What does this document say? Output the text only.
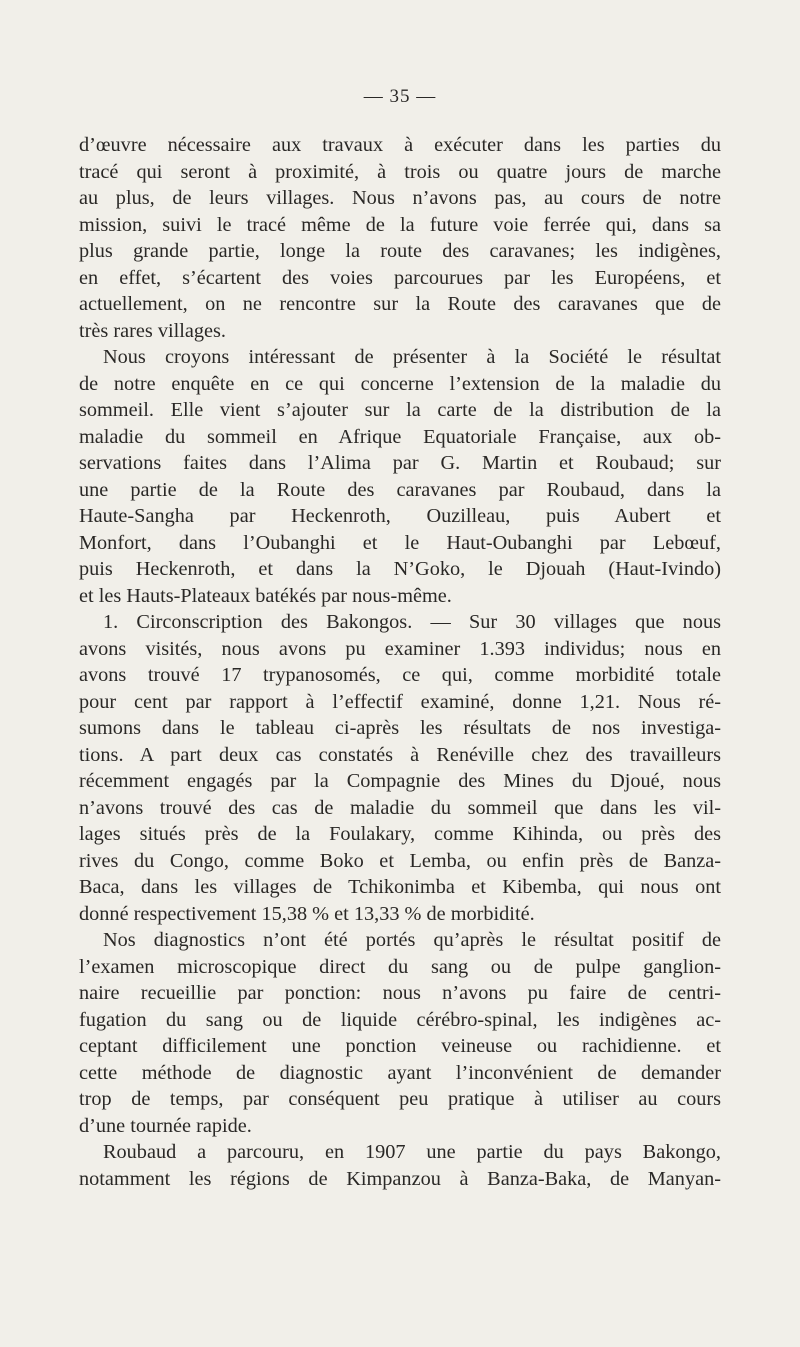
— 35 —
d’œuvre nécessaire aux travaux à exécuter dans les parties du
tracé qui seront à proximité, à trois ou quatre jours de marche
au plus, de leurs villages. Nous n’avons pas, au cours de notre
mission, suivi le tracé même de la future voie ferrée qui, dans sa
plus grande partie, longe la route des caravanes; les indigènes,
en effet, s’écartent des voies parcourues par les Européens, et
actuellement, on ne rencontre sur la Route des caravanes que de
très rares villages.
Nous croyons intéressant de présenter à la Société le résultat
de notre enquête en ce qui concerne l’extension de la maladie du
sommeil. Elle vient s’ajouter sur la carte de la distribution de la
maladie du sommeil en Afrique Equatoriale Française, aux ob-
servations faites dans l’Alima par G. Martin et Roubaud; sur
une partie de la Route des caravanes par Roubaud, dans la
Haute-Sangha par Heckenroth, Ouzilleau, puis Aubert et
Monfort, dans l’Oubanghi et le Haut-Oubanghi par Lebœuf,
puis Heckenroth, et dans la N’Goko, le Djouah (Haut-Ivindo)
et les Hauts-Plateaux batékés par nous-même.
1. Circonscription des Bakongos. — Sur 30 villages que nous
avons visités, nous avons pu examiner 1.393 individus; nous en
avons trouvé 17 trypanosomés, ce qui, comme morbidité totale
pour cent par rapport à l’effectif examiné, donne 1,21. Nous ré-
sumons dans le tableau ci-après les résultats de nos investiga-
tions. A part deux cas constatés à Renéville chez des travailleurs
récemment engagés par la Compagnie des Mines du Djoué, nous
n’avons trouvé des cas de maladie du sommeil que dans les vil-
lages situés près de la Foulakary, comme Kihinda, ou près des
rives du Congo, comme Boko et Lemba, ou enfin près de Banza-
Baca, dans les villages de Tchikonimba et Kibemba, qui nous ont
donné respectivement 15,38 % et 13,33 % de morbidité.
Nos diagnostics n’ont été portés qu’après le résultat positif de
l’examen microscopique direct du sang ou de pulpe ganglion-
naire recueillie par ponction: nous n’avons pu faire de centri-
fugation du sang ou de liquide cérébro-spinal, les indigènes ac-
ceptant difficilement une ponction veineuse ou rachidienne. et
cette méthode de diagnostic ayant l’inconvénient de demander
trop de temps, par conséquent peu pratique à utiliser au cours
d’une tournée rapide.
Roubaud a parcouru, en 1907 une partie du pays Bakongo,
notamment les régions de Kimpanzou à Banza-Baka, de Manyan-
